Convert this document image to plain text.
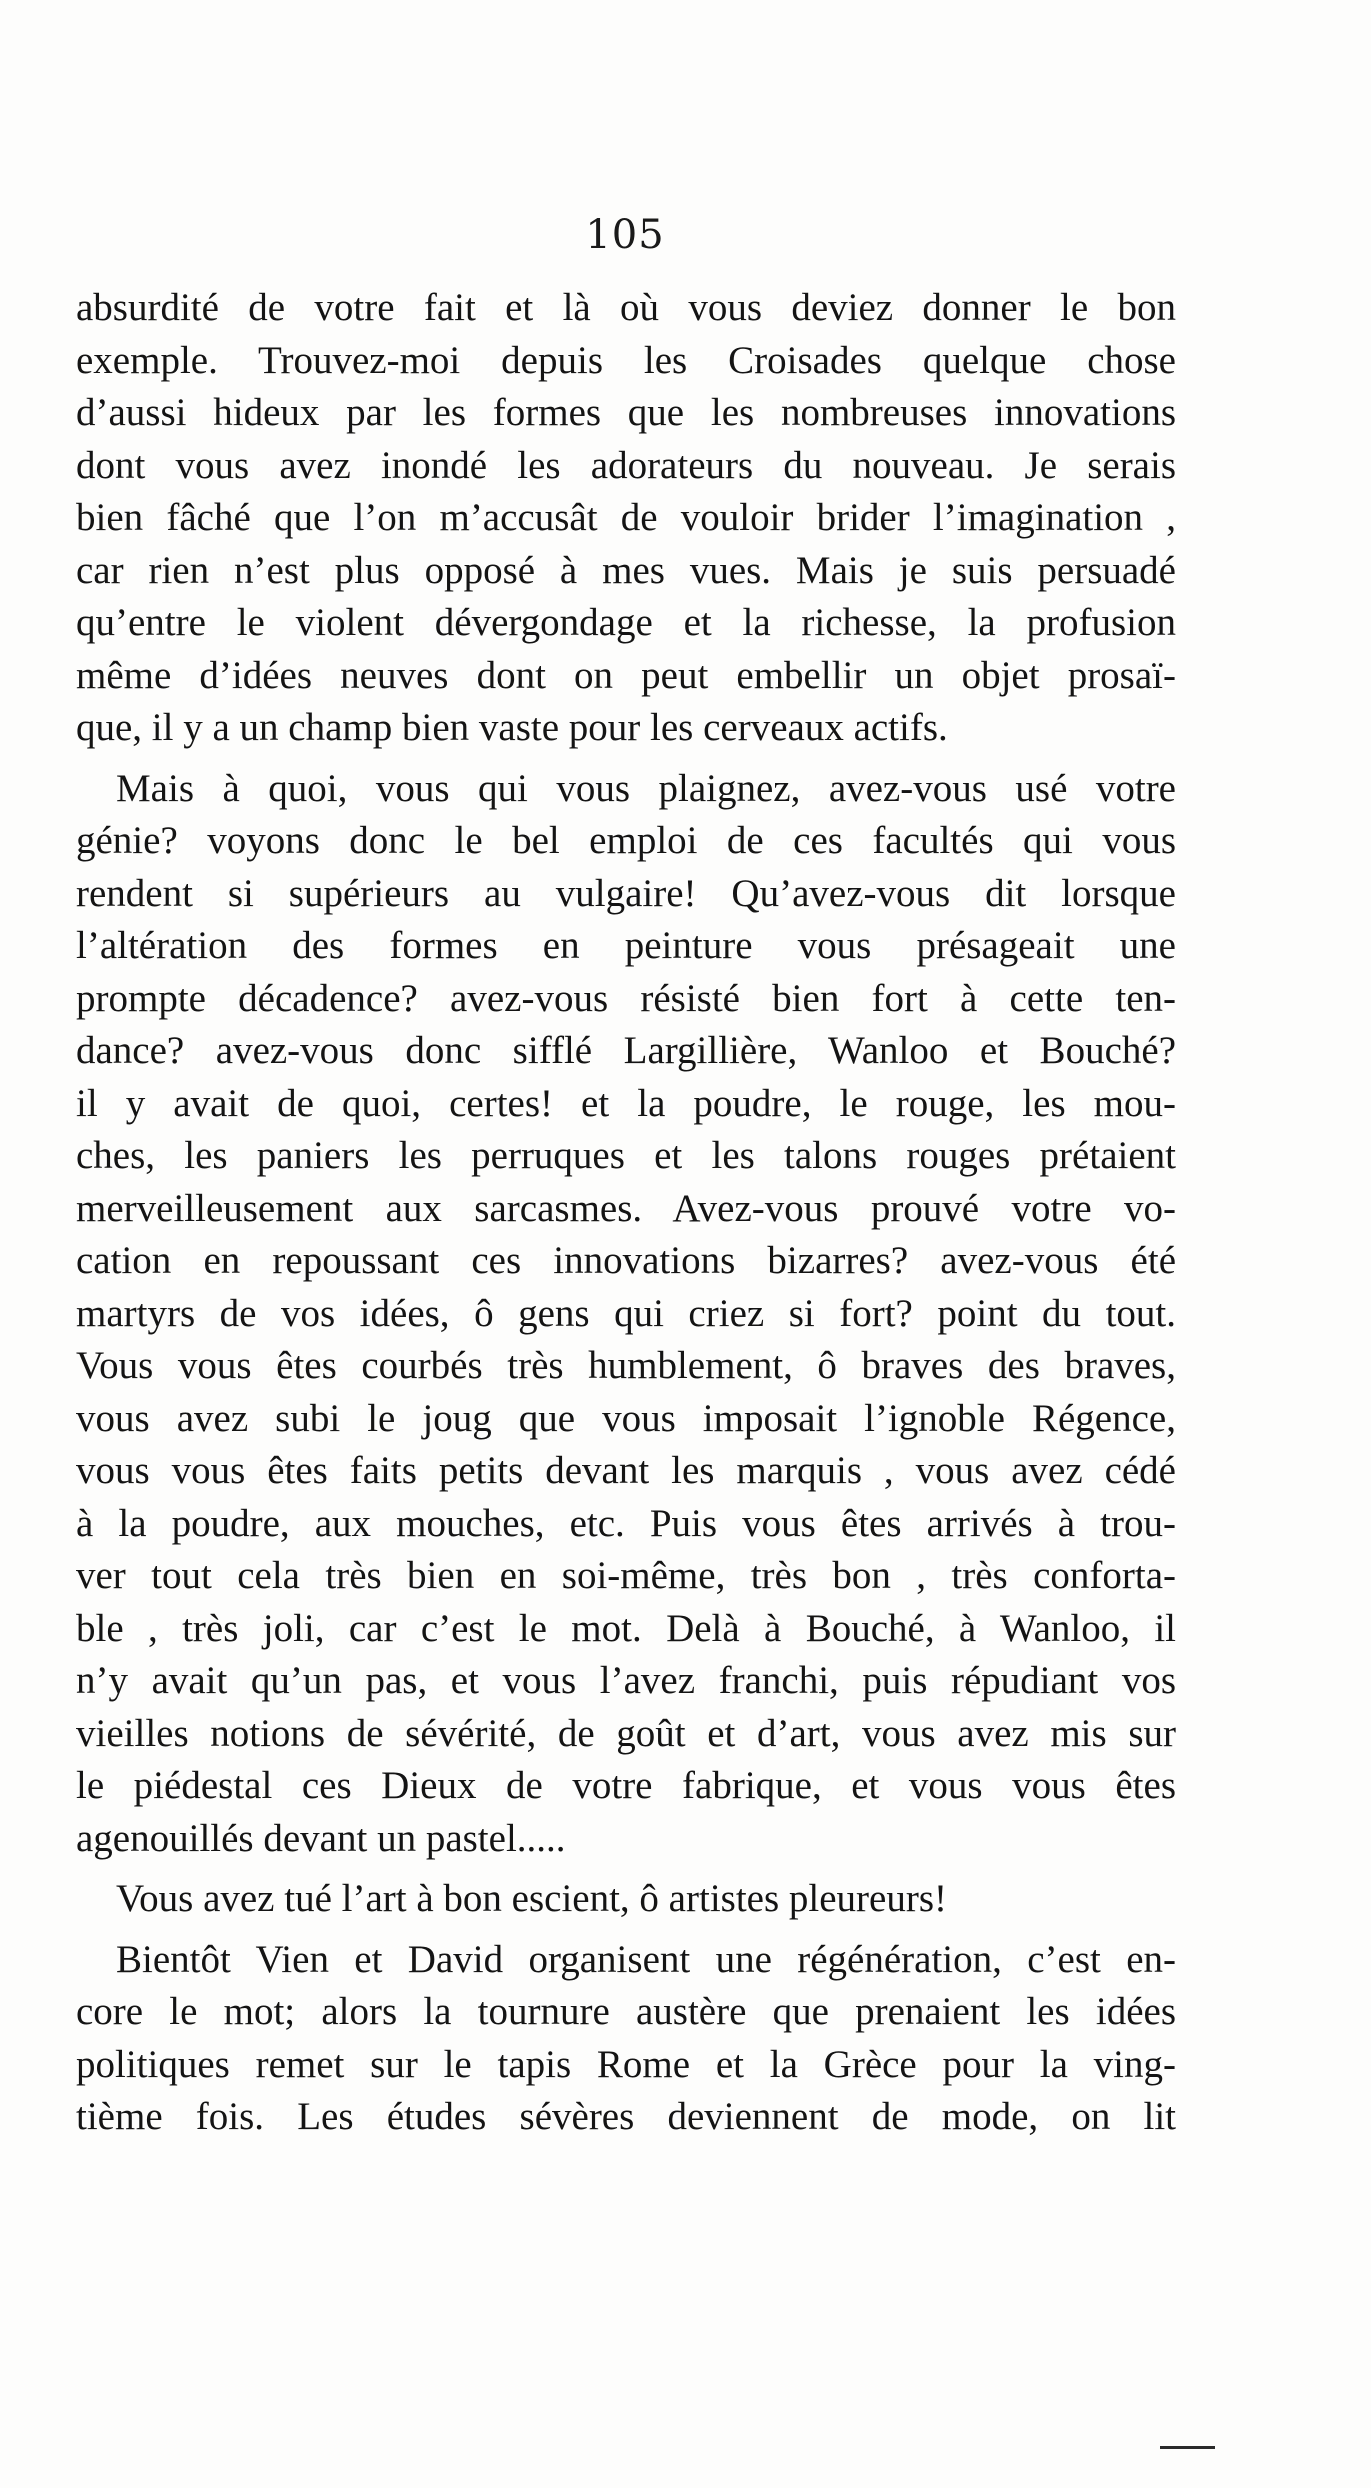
105
absurdité de votre fait et là où vous deviez donner le bon
exemple. Trouvez-moi depuis les Croisades quelque chose
d’aussi hideux par les formes que les nombreuses innovations
dont vous avez inondé les adorateurs du nouveau. Je serais
bien fâché que l’on m’accusât de vouloir brider l’imagination ,
car rien n’est plus opposé à mes vues. Mais je suis persuadé
qu’entre le violent dévergondage et la richesse, la profusion
même d’idées neuves dont on peut embellir un objet prosaï-
que, il y a un champ bien vaste pour les cerveaux actifs.
Mais à quoi, vous qui vous plaignez, avez-vous usé votre
génie? voyons donc le bel emploi de ces facultés qui vous
rendent si supérieurs au vulgaire! Qu’avez-vous dit lorsque
l’altération des formes en peinture vous présageait une
prompte décadence? avez-vous résisté bien fort à cette ten-
dance? avez-vous donc sifflé Largillière, Wanloo et Bouché?
il y avait de quoi, certes! et la poudre, le rouge, les mou-
ches, les paniers les perruques et les talons rouges prétaient
merveilleusement aux sarcasmes. Avez-vous prouvé votre vo-
cation en repoussant ces innovations bizarres? avez-vous été
martyrs de vos idées, ô gens qui criez si fort? point du tout.
Vous vous êtes courbés très humblement, ô braves des braves,
vous avez subi le joug que vous imposait l’ignoble Régence,
vous vous êtes faits petits devant les marquis , vous avez cédé
à la poudre, aux mouches, etc. Puis vous êtes arrivés à trou-
ver tout cela très bien en soi-même, très bon , très conforta-
ble , très joli, car c’est le mot. Delà à Bouché, à Wanloo, il
n’y avait qu’un pas, et vous l’avez franchi, puis répudiant vos
vieilles notions de sévérité, de goût et d’art, vous avez mis sur
le piédestal ces Dieux de votre fabrique, et vous vous êtes
agenouillés devant un pastel.....
Vous avez tué l’art à bon escient, ô artistes pleureurs!
Bientôt Vien et David organisent une régénération, c’est en-
core le mot; alors la tournure austère que prenaient les idées
politiques remet sur le tapis Rome et la Grèce pour la ving-
tième fois. Les études sévères deviennent de mode, on lit
